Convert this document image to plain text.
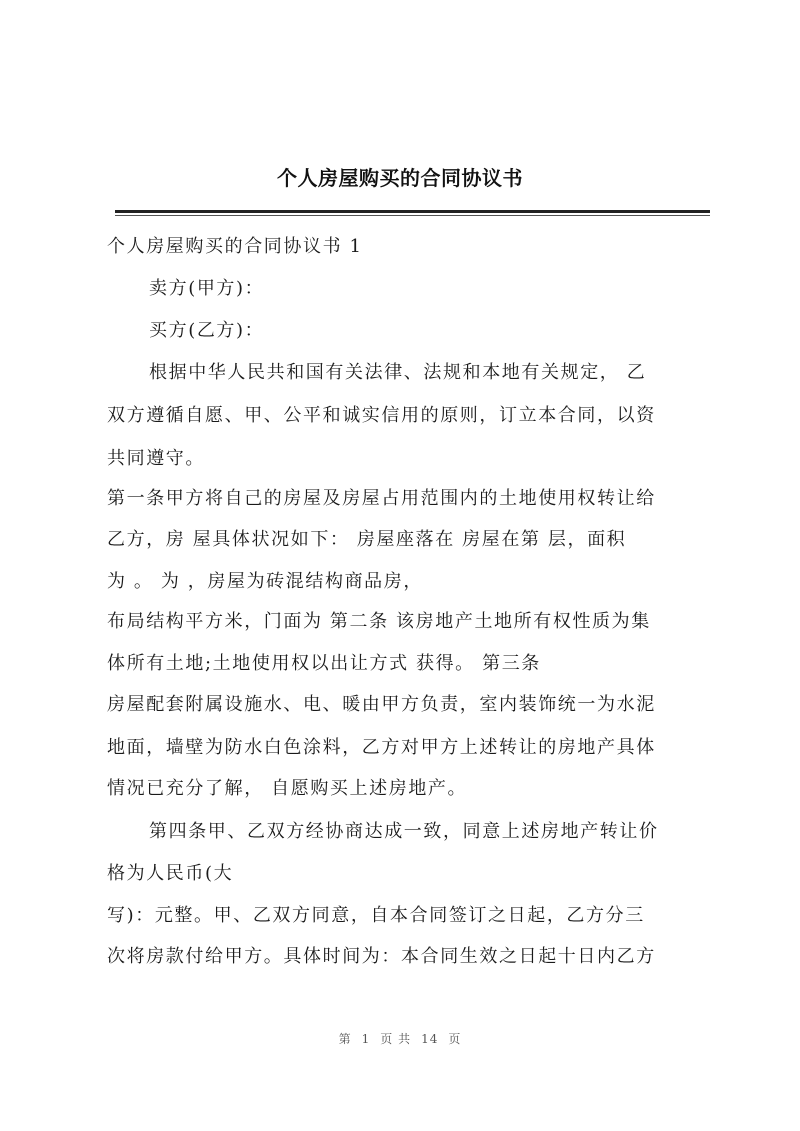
个人房屋购买的合同协议书
个人房屋购买的合同协议书 1
卖方(甲方)：
买方(乙方)：
根据中华人民共和国有关法律、法规和本地有关规定， 乙
双方遵循自愿、甲、公平和诚实信用的原则，订立本合同，以资
共同遵守。
第一条甲方将自己的房屋及房屋占用范围内的土地使用权转让给
乙方，房 屋具体状况如下： 房屋座落在 房屋在第 层，面积
为 。 为 ，房屋为砖混结构商品房，
布局结构平方米，门面为 第二条 该房地产土地所有权性质为集
体所有土地;土地使用权以出让方式 获得。 第三条
房屋配套附属设施水、电、暖由甲方负责，室内装饰统一为水泥
地面，墙壁为防水白色涂料，乙方对甲方上述转让的房地产具体
情况已充分了解， 自愿购买上述房地产。
第四条甲、乙双方经协商达成一致，同意上述房地产转让价
格为人民币(大
写)：元整。甲、乙双方同意，自本合同签订之日起，乙方分三
次将房款付给甲方。具体时间为：本合同生效之日起十日内乙方
第 1 页 共 14 页
